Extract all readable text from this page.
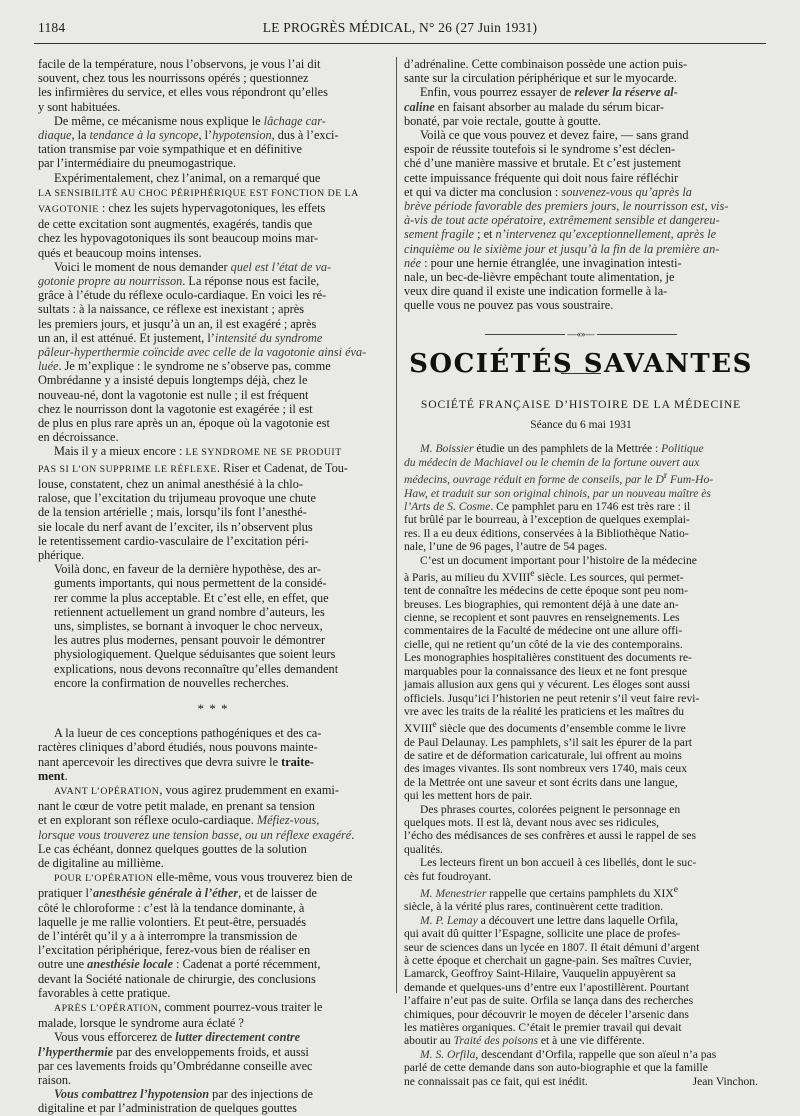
1184	LE PROGRÈS MÉDICAL, N° 26 (27 Juin 1931)

facile de la température, nous l’observons, je vous l’ai dit
souvent, chez tous les nourrissons opérés ; questionnez
les infirmières du service, et elles vous répondront qu’elles
y sont habituées.

De même, ce mécanisme nous explique le lâchage car-
diaque, la tendance à la syncope, l’hypotension, dus à l’exci-
tation transmise par voie sympathique et en définitive
par l’intermédiaire du pneumogastrique.

Expérimentalement, chez l’animal, on a remarqué que
LA SENSIBILITÉ AU CHOC PÉRIPHÉRIQUE EST FONCTION DE LA
VAGOTONIE : chez les sujets hypervagotoniques, les effets
de cette excitation sont augmentés, exagérés, tandis que
chez les hypovagotoniques ils sont beaucoup moins mar-
qués et beaucoup moins intenses.

Voici le moment de nous demander quel est l’état de va-
gotonie propre au nourrisson. La réponse nous est facile,
grâce à l’étude du réflexe oculo-cardiaque. En voici les ré-
sultats : à la naissance, ce réflexe est inexistant ; après
les premiers jours, et jusqu’à un an, il est exagéré ; après
un an, il est atténué. Et justement, l’intensité du syndrome
pâleur-hyperthermie coïncide avec celle de la vagotonie ainsi éva-
luée. Je m’explique : le syndrome ne s’observe pas, comme
Ombrédanne y a insisté depuis longtemps déjà, chez le
nouveau-né, dont la vagotonie est nulle ; il est fréquent
chez le nourrisson dont la vagotonie est exagérée ; il est
de plus en plus rare après un an, époque où la vagotonie est
en décroissance.

Mais il y a mieux encore : LE SYNDROME NE SE PRODUIT
PAS SI L’ON SUPPRIME LE RÉFLEXE. Riser et Cadenat, de Tou-
louse, constatent, chez un animal anesthésié à la chlo-
ralose, que l’excitation du trijumeau provoque une chute
de la tension artérielle ; mais, lorsqu’ils font l’anesthé-
sie locale du nerf avant de l’exciter, ils n’observent plus
le retentissement cardio-vasculaire de l’excitation péri-
phérique.

Voilà donc, en faveur de la dernière hypothèse, des ar-
guments importants, qui nous permettent de la considé-
rer comme la plus acceptable. Et c’est elle, en effet, que
retiennent actuellement un grand nombre d’auteurs, les
uns, simplistes, se bornant à invoquer le choc nerveux,
les autres plus modernes, pensant pouvoir le démontrer
physiologiquement. Quelque séduisantes que soient leurs
explications, nous devons reconnaître qu’elles demandent
encore la confirmation de nouvelles recherches.

* * *

A la lueur de ces conceptions pathogéniques et des ca-
ractères cliniques d’abord étudiés, nous pouvons mainte-
nant apercevoir les directives que devra suivre le traite-
ment.

AVANT L’OPÉRATION, vous agirez prudemment en exami-
nant le cœur de votre petit malade, en prenant sa tension
et en explorant son réflexe oculo-cardiaque. Méfiez-vous,
lorsque vous trouverez une tension basse, ou un réflexe exagéré.
Le cas échéant, donnez quelques gouttes de la solution
de digitaline au millième.

POUR L’OPÉRATION elle-même, vous vous trouverez bien de
pratiquer l’anesthésie générale à l’éther, et de laisser de
côté le chloroforme : c’est là la tendance dominante, à
laquelle je me rallie volontiers. Et peut-être, persuadés
de l’intérêt qu’il y a à interrompre la transmission de
l’excitation périphérique, ferez-vous bien de réaliser en
outre une anesthésie locale : Cadenat a porté récemment,
devant la Société nationale de chirurgie, des conclusions
favorables à cette pratique.

APRÈS L’OPÉRATION, comment pourrez-vous traiter le
malade, lorsque le syndrome aura éclaté ?

Vous vous efforcerez de lutter directement contre
l’hyperthermie par des enveloppements froids, et aussi
par ces lavements froids qu’Ombrédanne conseille avec
raison.

Vous combattrez l’hypotension par des injections de
digitaline et par l’administration de quelques gouttes

d’adrénaline. Cette combinaison possède une action puis-
sante sur la circulation périphérique et sur le myocarde.

Enfin, vous pourrez essayer de relever la réserve al-
caline en faisant absorber au malade du sérum bicar-
bonaté, par voie rectale, goutte à goutte.

Voilà ce que vous pouvez et devez faire, — sans grand
espoir de réussite toutefois si le syndrome s’est déclen-
ché d’une manière massive et brutale. Et c’est justement
cette impuissance fréquente qui doit nous faire réfléchir
et qui va dicter ma conclusion : souvenez-vous qu’après la
brève période favorable des premiers jours, le nourrisson est, vis-
à-vis de tout acte opératoire, extrêmement sensible et dangereu-
sement fragile ; et n’intervenez qu’exceptionnellement, après le
cinquième ou le sixième jour et jusqu’à la fin de la première an-
née : pour une hernie étranglée, une invagination intesti-
nale, un bec-de-lièvre empêchant toute alimentation, je
veux dire quand il existe une indication formelle à la-
quelle vous ne pouvez pas vous soustraire.

—«»—
SOCIÉTÉS SAVANTES
SOCIÉTÉ FRANÇAISE D’HISTOIRE DE LA MÉDECINE
Séance du 6 mai 1931

M. Boissier étudie un des pamphlets de la Mettrée : Politique
du médecin de Machiavel ou le chemin de la fortune ouvert aux
médecins, ouvrage réduit en forme de conseils, par le $D^r$ Fum-Ho-
Haw, et traduit sur son original chinois, par un nouveau maître ès
l’Arts de S. Cosme. Ce pamphlet paru en 1746 est très rare : il
fut brûlé par le bourreau, à l’exception de quelques exemplai-
res. Il a eu deux éditions, conservées à la Bibliothèque Natio-
nale, l’une de 96 pages, l’autre de 54 pages.

C’est un document important pour l’histoire de la médecine
à Paris, au milieu du XVIIIe siècle. Les sources, qui permet-
tent de connaître les médecins de cette époque sont peu nom-
breuses. Les biographies, qui remontent déjà à une date an-
cienne, se recopient et sont pauvres en renseignements. Les
commentaires de la Faculté de médecine ont une allure offi-
cielle, qui ne retient qu’un côté de la vie des contemporains.
Les monographies hospitalières constituent des documents re-
marquables pour la connaissance des lieux et ne font presque
jamais allusion aux gens qui y vécurent. Les éloges sont aussi
officiels. Jusqu’ici l’historien ne peut retenir s’il veut faire revi-
vre avec les traits de la réalité les praticiens et les maîtres du
XVIIIe siècle que des documents d’ensemble comme le livre
de Paul Delaunay. Les pamphlets, s’il sait les épurer de la part
de satire et de déformation caricaturale, lui offrent au moins
des images vivantes. Ils sont nombreux vers 1740, mais ceux
de la Mettrée ont une saveur et sont écrits dans une langue,
qui les mettent hors de pair.

Des phrases courtes, colorées peignent le personnage en
quelques mots. Il est là, devant nous avec ses ridicules,
l’écho des médisances de ses confrères et aussi le rappel de ses
qualités.

Les lecteurs firent un bon accueil à ces libellés, dont le suc-
cès fut foudroyant.

M. Menestrier rappelle que certains pamphlets du XIXe
siècle, à la vérité plus rares, continuèrent cette tradition.

M. P. Lemay a découvert une lettre dans laquelle Orfila,
qui avait dû quitter l’Espagne, sollicite une place de profes-
seur de sciences dans un lycée en 1807. Il était démuni d’argent
à cette époque et cherchait un gagne-pain. Ses maîtres Cuvier,
Lamarck, Geoffroy Saint-Hilaire, Vauquelin appuyèrent sa
demande et quelques-uns d’entre eux l’apostillèrent. Pourtant
l’affaire n’eut pas de suite. Orfila se lança dans des recherches
chimiques, pour découvrir le moyen de déceler l’arsenic dans
les matières organiques. C’était le premier travail qui devait
aboutir au Traité des poisons et à une vie différente.

M. S. Orfila, descendant d’Orfila, rappelle que son aïeul n’a pas
parlé de cette demande dans son auto-biographie et que la famille
ne connaissait pas ce fait, qui est inédit.	Jean Vinchon.
